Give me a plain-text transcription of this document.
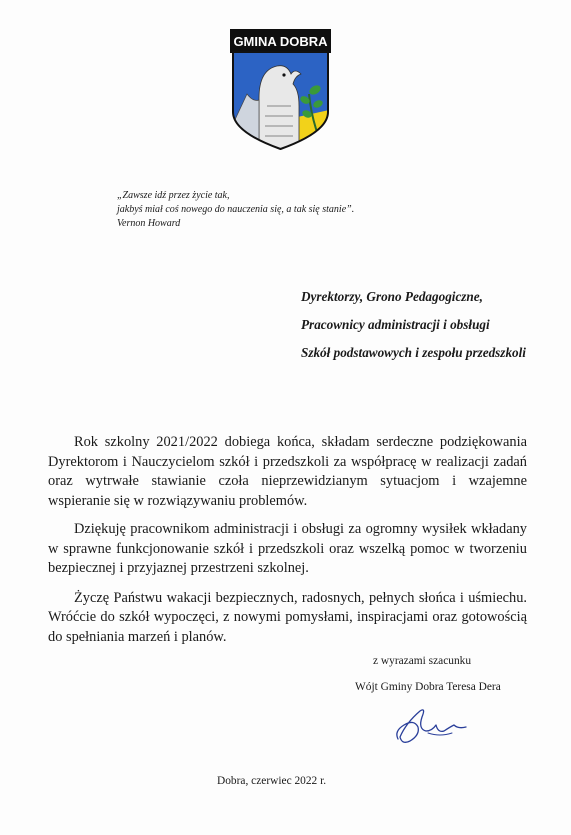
GMINA DOBRA
„Zawsze idź przez życie tak,
jakbyś miał coś nowego do nauczenia się, a tak się stanie”.
Vernon Howard
Dyrektorzy, Grono Pedagogiczne,
Pracownicy administracji i obsługi
Szkół podstawowych i zespołu przedszkoli

Rok szkolny 2021/2022 dobiega końca, składam serdeczne podziękowania Dyrektorom i Nauczycielom szkół i przedszkoli za współpracę w realizacji zadań oraz wytrwałe stawianie czoła nieprzewidzianym sytuacjom i wzajemne wspieranie się w rozwiązywaniu problemów.

Dziękuję pracownikom administracji i obsługi za ogromny wysiłek wkładany w sprawne funkcjonowanie szkół i przedszkoli oraz wszelką pomoc w tworzeniu bezpiecznej i przyjaznej przestrzeni szkolnej.

Życzę Państwu wakacji bezpiecznych, radosnych, pełnych słońca i uśmiechu. Wróćcie do szkół wypoczęci, z nowymi pomysłami, inspiracjami oraz gotowością do spełniania marzeń i planów.

z wyrazami szacunku
Wójt Gminy Dobra Teresa Dera
Dobra, czerwiec 2022 r.
